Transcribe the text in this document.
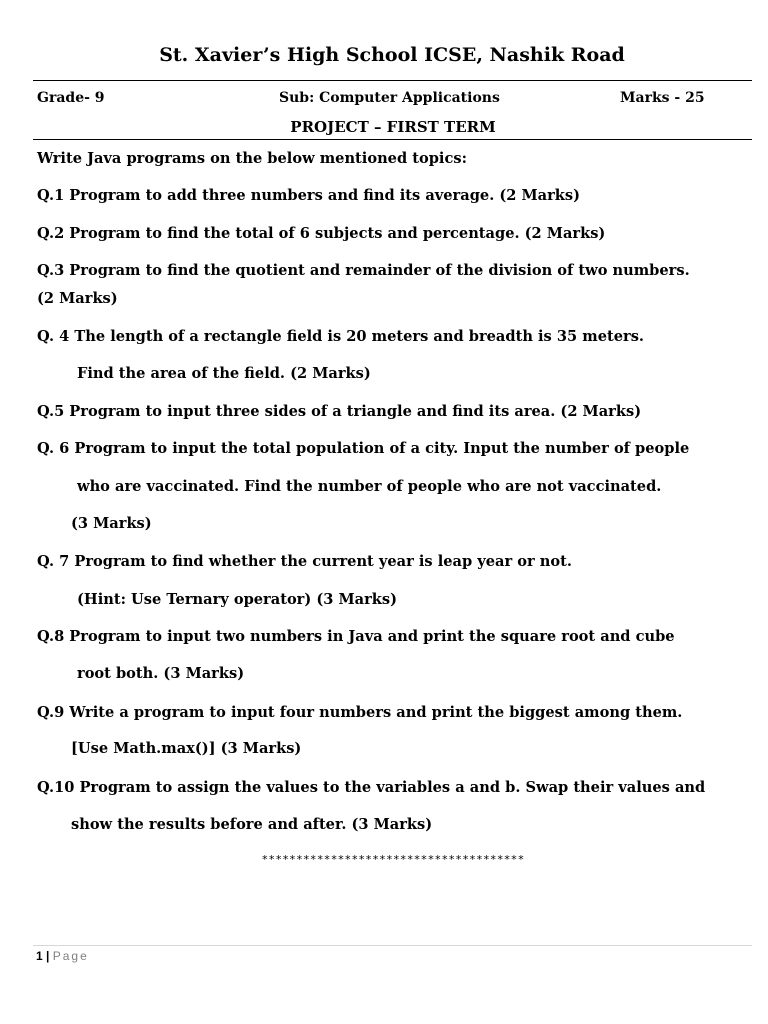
St. Xavier’s High School ICSE, Nashik Road
Grade- 9	Sub: Computer Applications	Marks - 25
PROJECT – FIRST TERM
Write Java programs on the below mentioned topics:
Q.1 Program to add three numbers and find its average. (2 Marks)
Q.2 Program to find the total of 6 subjects and percentage. (2 Marks)
Q.3 Program to find the quotient and remainder of the division of two numbers.
(2 Marks)
Q. 4 The length of a rectangle field is 20 meters and breadth is 35 meters.
Find the area of the field. (2 Marks)
Q.5 Program to input three sides of a triangle and find its area. (2 Marks)
Q. 6 Program to input the total population of a city. Input the number of people
who are vaccinated. Find the number of people who are not vaccinated.
(3 Marks)
Q. 7 Program to find whether the current year is leap year or not.
(Hint: Use Ternary operator) (3 Marks)
Q.8 Program to input two numbers in Java and print the square root and cube
root both. (3 Marks)
Q.9 Write a program to input four numbers and print the biggest among them.
[Use Math.max()] (3 Marks)
Q.10 Program to assign the values to the variables a and b. Swap their values and
show the results before and after. (3 Marks)
**************************************
1 | Page
